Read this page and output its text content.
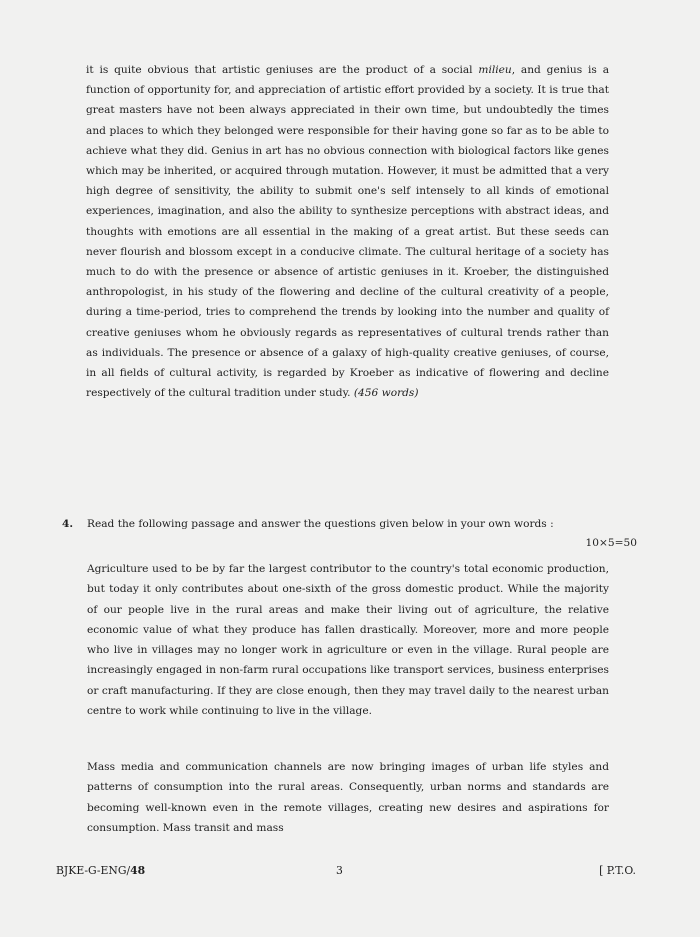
it is quite obvious that artistic geniuses are the product of a social milieu, and genius is a function of opportunity for, and appreciation of artistic effort provided by a society. It is true that great masters have not been always appreciated in their own time, but undoubtedly the times and places to which they belonged were responsible for their having gone so far as to be able to achieve what they did. Genius in art has no obvious connection with biological factors like genes which may be inherited, or acquired through mutation. However, it must be admitted that a very high degree of sensitivity, the ability to submit one's self intensely to all kinds of emotional experiences, imagination, and also the ability to synthesize perceptions with abstract ideas, and thoughts with emotions are all essential in the making of a great artist. But these seeds can never flourish and blossom except in a conducive climate. The cultural heritage of a society has much to do with the presence or absence of artistic geniuses in it. Kroeber, the distinguished anthropologist, in his study of the flowering and decline of the cultural creativity of a people, during a time-period, tries to comprehend the trends by looking into the number and quality of creative geniuses whom he obviously regards as representatives of cultural trends rather than as individuals. The presence or absence of a galaxy of high-quality creative geniuses, of course, in all fields of cultural activity, is regarded by Kroeber as indicative of flowering and decline respectively of the cultural tradition under study. (456 words)

4. Read the following passage and answer the questions given below in your own words :
10×5=50

Agriculture used to be by far the largest contributor to the country's total economic production, but today it only contributes about one-sixth of the gross domestic product. While the majority of our people live in the rural areas and make their living out of agriculture, the relative economic value of what they produce has fallen drastically. Moreover, more and more people who live in villages may no longer work in agriculture or even in the village. Rural people are increasingly engaged in non-farm rural occupations like transport services, business enterprises or craft manufacturing. If they are close enough, then they may travel daily to the nearest urban centre to work while continuing to live in the village.

Mass media and communication channels are now bringing images of urban life styles and patterns of consumption into the rural areas. Consequently, urban norms and standards are becoming well-known even in the remote villages, creating new desires and aspirations for consumption. Mass transit and mass

BJKE-G-ENG/48	3	[ P.T.O.
